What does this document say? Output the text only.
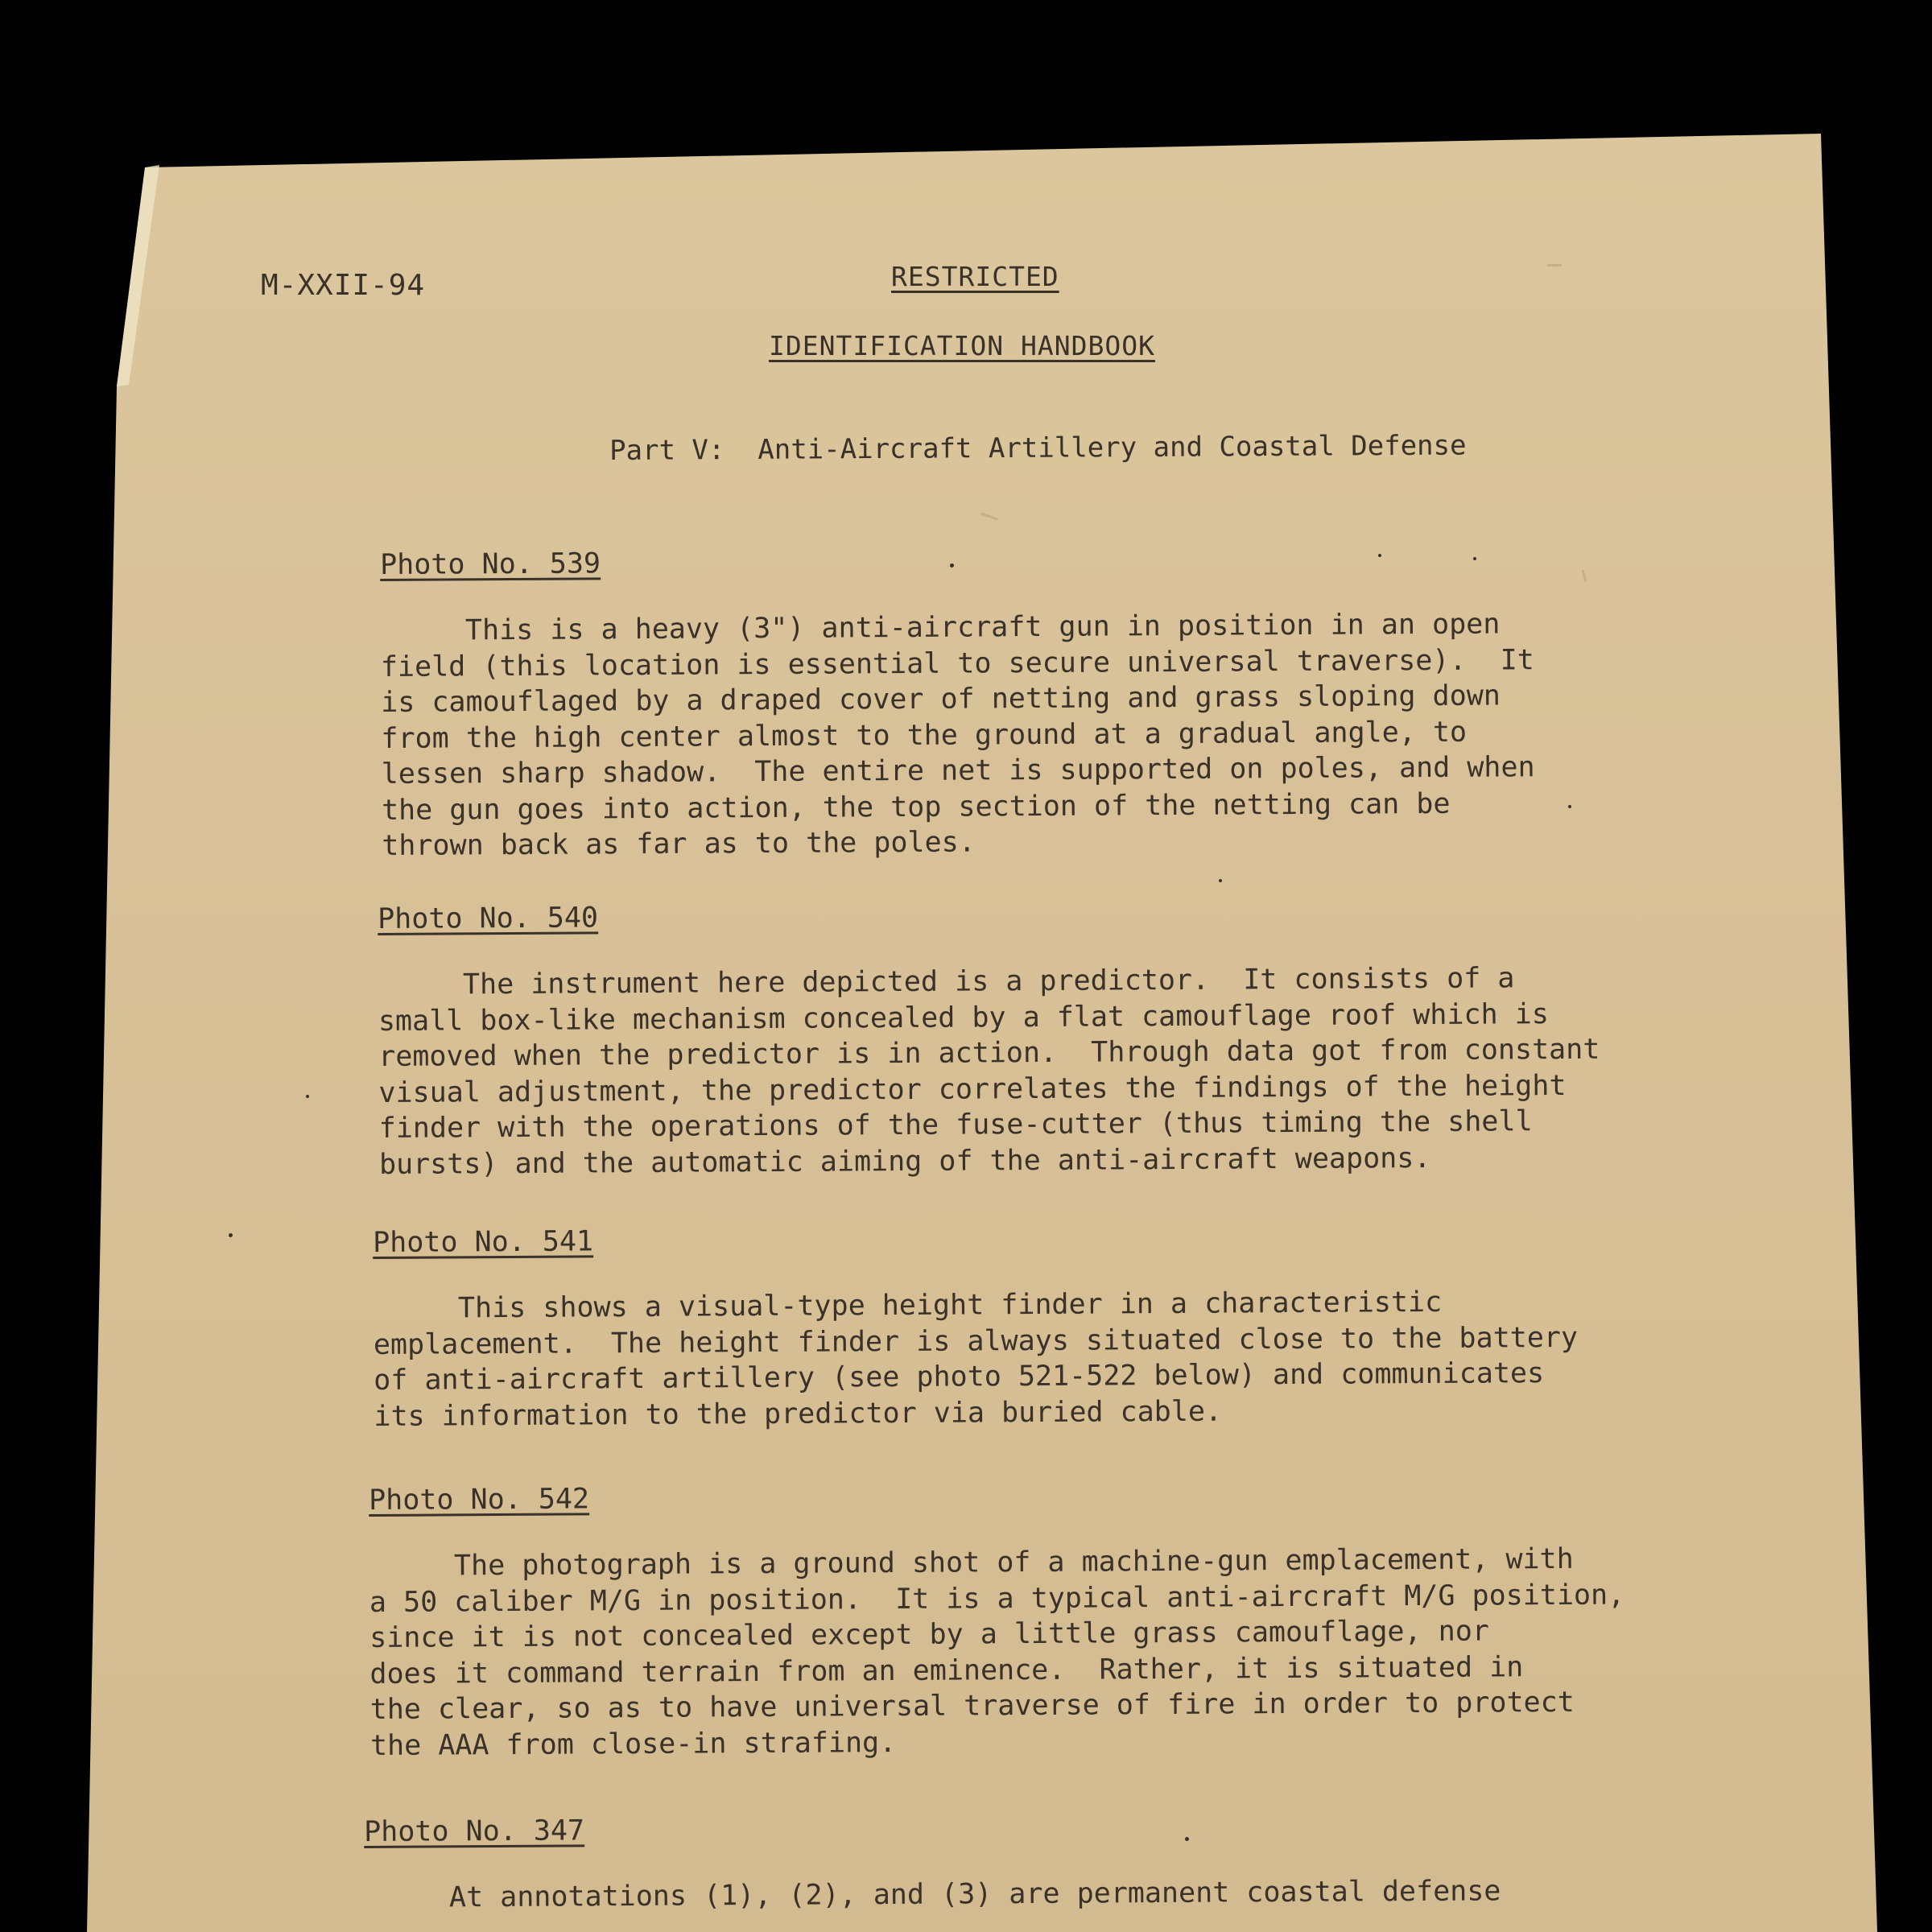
M-XXII-94	RESTRICTED
IDENTIFICATION HANDBOOK
Part V:  Anti-Aircraft Artillery and Coastal Defense
Photo No. 539

This is a heavy (3") anti-aircraft gun in position in an open
field (this location is essential to secure universal traverse).  It
is camouflaged by a draped cover of netting and grass sloping down
from the high center almost to the ground at a gradual angle, to
lessen sharp shadow.  The entire net is supported on poles, and when
the gun goes into action, the top section of the netting can be
thrown back as far as to the poles.

Photo No. 540

The instrument here depicted is a predictor.  It consists of a
small box-like mechanism concealed by a flat camouflage roof which is
removed when the predictor is in action.  Through data got from constant
visual adjustment, the predictor correlates the findings of the height
finder with the operations of the fuse-cutter (thus timing the shell
bursts) and the automatic aiming of the anti-aircraft weapons.

Photo No. 541

This shows a visual-type height finder in a characteristic
emplacement.  The height finder is always situated close to the battery
of anti-aircraft artillery (see photo 521-522 below) and communicates
its information to the predictor via buried cable.

Photo No. 542

The photograph is a ground shot of a machine-gun emplacement, with
a 50 caliber M/G in position.  It is a typical anti-aircraft M/G position,
since it is not concealed except by a little grass camouflage, nor
does it command terrain from an eminence.  Rather, it is situated in
the clear, so as to have universal traverse of fire in order to protect
the AAA from close-in strafing.

Photo No. 347

At annotations (1), (2), and (3) are permanent coastal defense
